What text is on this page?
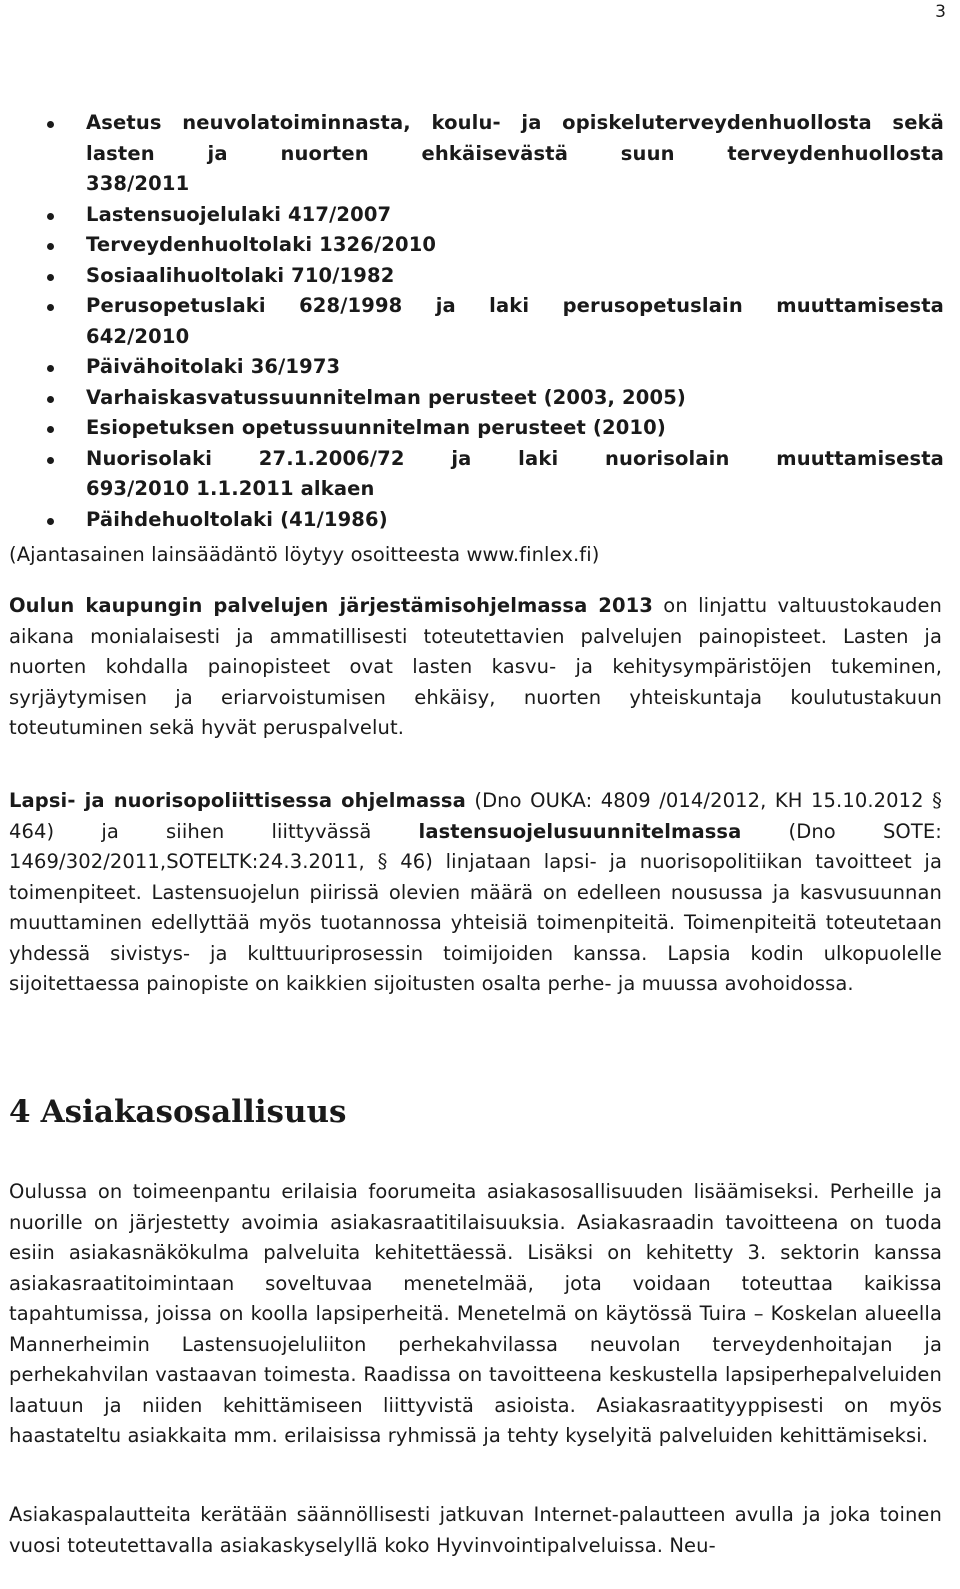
3
Asetus neuvolatoiminnasta, koulu- ja opiskeluterveydenhuollosta sekä lasten ja nuorten ehkäisevästä suun terveydenhuollosta
338/2011
Lastensuojelulaki 417/2007
Terveydenhuoltolaki 1326/2010
Sosiaalihuoltolaki 710/1982
Perusopetuslaki 628/1998 ja laki perusopetuslain muuttamisesta
642/2010
Päivähoitolaki 36/1973
Varhaiskasvatussuunnitelman perusteet (2003, 2005)
Esiopetuksen opetussuunnitelman perusteet (2010)
Nuorisolaki 27.1.2006/72 ja laki nuorisolain muuttamisesta
693/2010 1.1.2011 alkaen
Päihdehuoltolaki (41/1986)
(Ajantasainen lainsäädäntö löytyy osoitteesta www.finlex.fi)

Oulun kaupungin palvelujen järjestämisohjelmassa 2013 on linjattu valtuustokauden aikana monialaisesti ja ammatillisesti toteutettavien palvelujen painopisteet. Lasten ja nuorten kohdalla painopisteet ovat lasten kasvu- ja kehitysympäristöjen tukeminen, syrjäytymisen ja eriarvoistumisen ehkäisy, nuorten yhteiskuntaja koulutustakuun toteutuminen sekä hyvät peruspalvelut.

Lapsi- ja nuorisopoliittisessa ohjelmassa (Dno OUKA: 4809 /014/2012, KH 15.10.2012 § 464) ja siihen liittyvässä lastensuojelusuunnitelmassa (Dno SOTE: 1469/302/2011,SOTELTK:24.3.2011, § 46) linjataan lapsi- ja nuorisopolitiikan tavoitteet ja toimenpiteet. Lastensuojelun piirissä olevien määrä on edelleen nousussa ja kasvusuunnan muuttaminen edellyttää myös tuotannossa yhteisiä toimenpiteitä. Toimenpiteitä toteutetaan yhdessä sivistys- ja kulttuuriprosessin toimijoiden kanssa. Lapsia kodin ulkopuolelle sijoitettaessa painopiste on kaikkien sijoitusten osalta perhe- ja muussa avohoidossa.

4 Asiakasosallisuus

Oulussa on toimeenpantu erilaisia foorumeita asiakasosallisuuden lisäämiseksi. Perheille ja nuorille on järjestetty avoimia asiakasraatitilaisuuksia. Asiakasraadin tavoitteena on tuoda esiin asiakasnäkökulma palveluita kehitettäessä. Lisäksi on kehitetty 3. sektorin kanssa asiakasraatitoimintaan soveltuvaa menetelmää, jota voidaan toteuttaa kaikissa tapahtumissa, joissa on koolla lapsiperheitä. Menetelmä on käytössä Tuira – Koskelan alueella Mannerheimin Lastensuojeluliiton perhekahvilassa neuvolan terveydenhoitajan ja perhekahvilan vastaavan toimesta. Raadissa on tavoitteena keskustella lapsiperhepalveluiden laatuun ja niiden kehittämiseen liittyvistä asioista. Asiakasraatityyppisesti on myös haastateltu asiakkaita mm. erilaisissa ryhmissä ja tehty kyselyitä palveluiden kehittämiseksi.

Asiakaspalautteita kerätään säännöllisesti jatkuvan Internet-palautteen avulla ja joka toinen vuosi toteutettavalla asiakaskyselyllä koko Hyvinvointipalveluissa. Neu-
